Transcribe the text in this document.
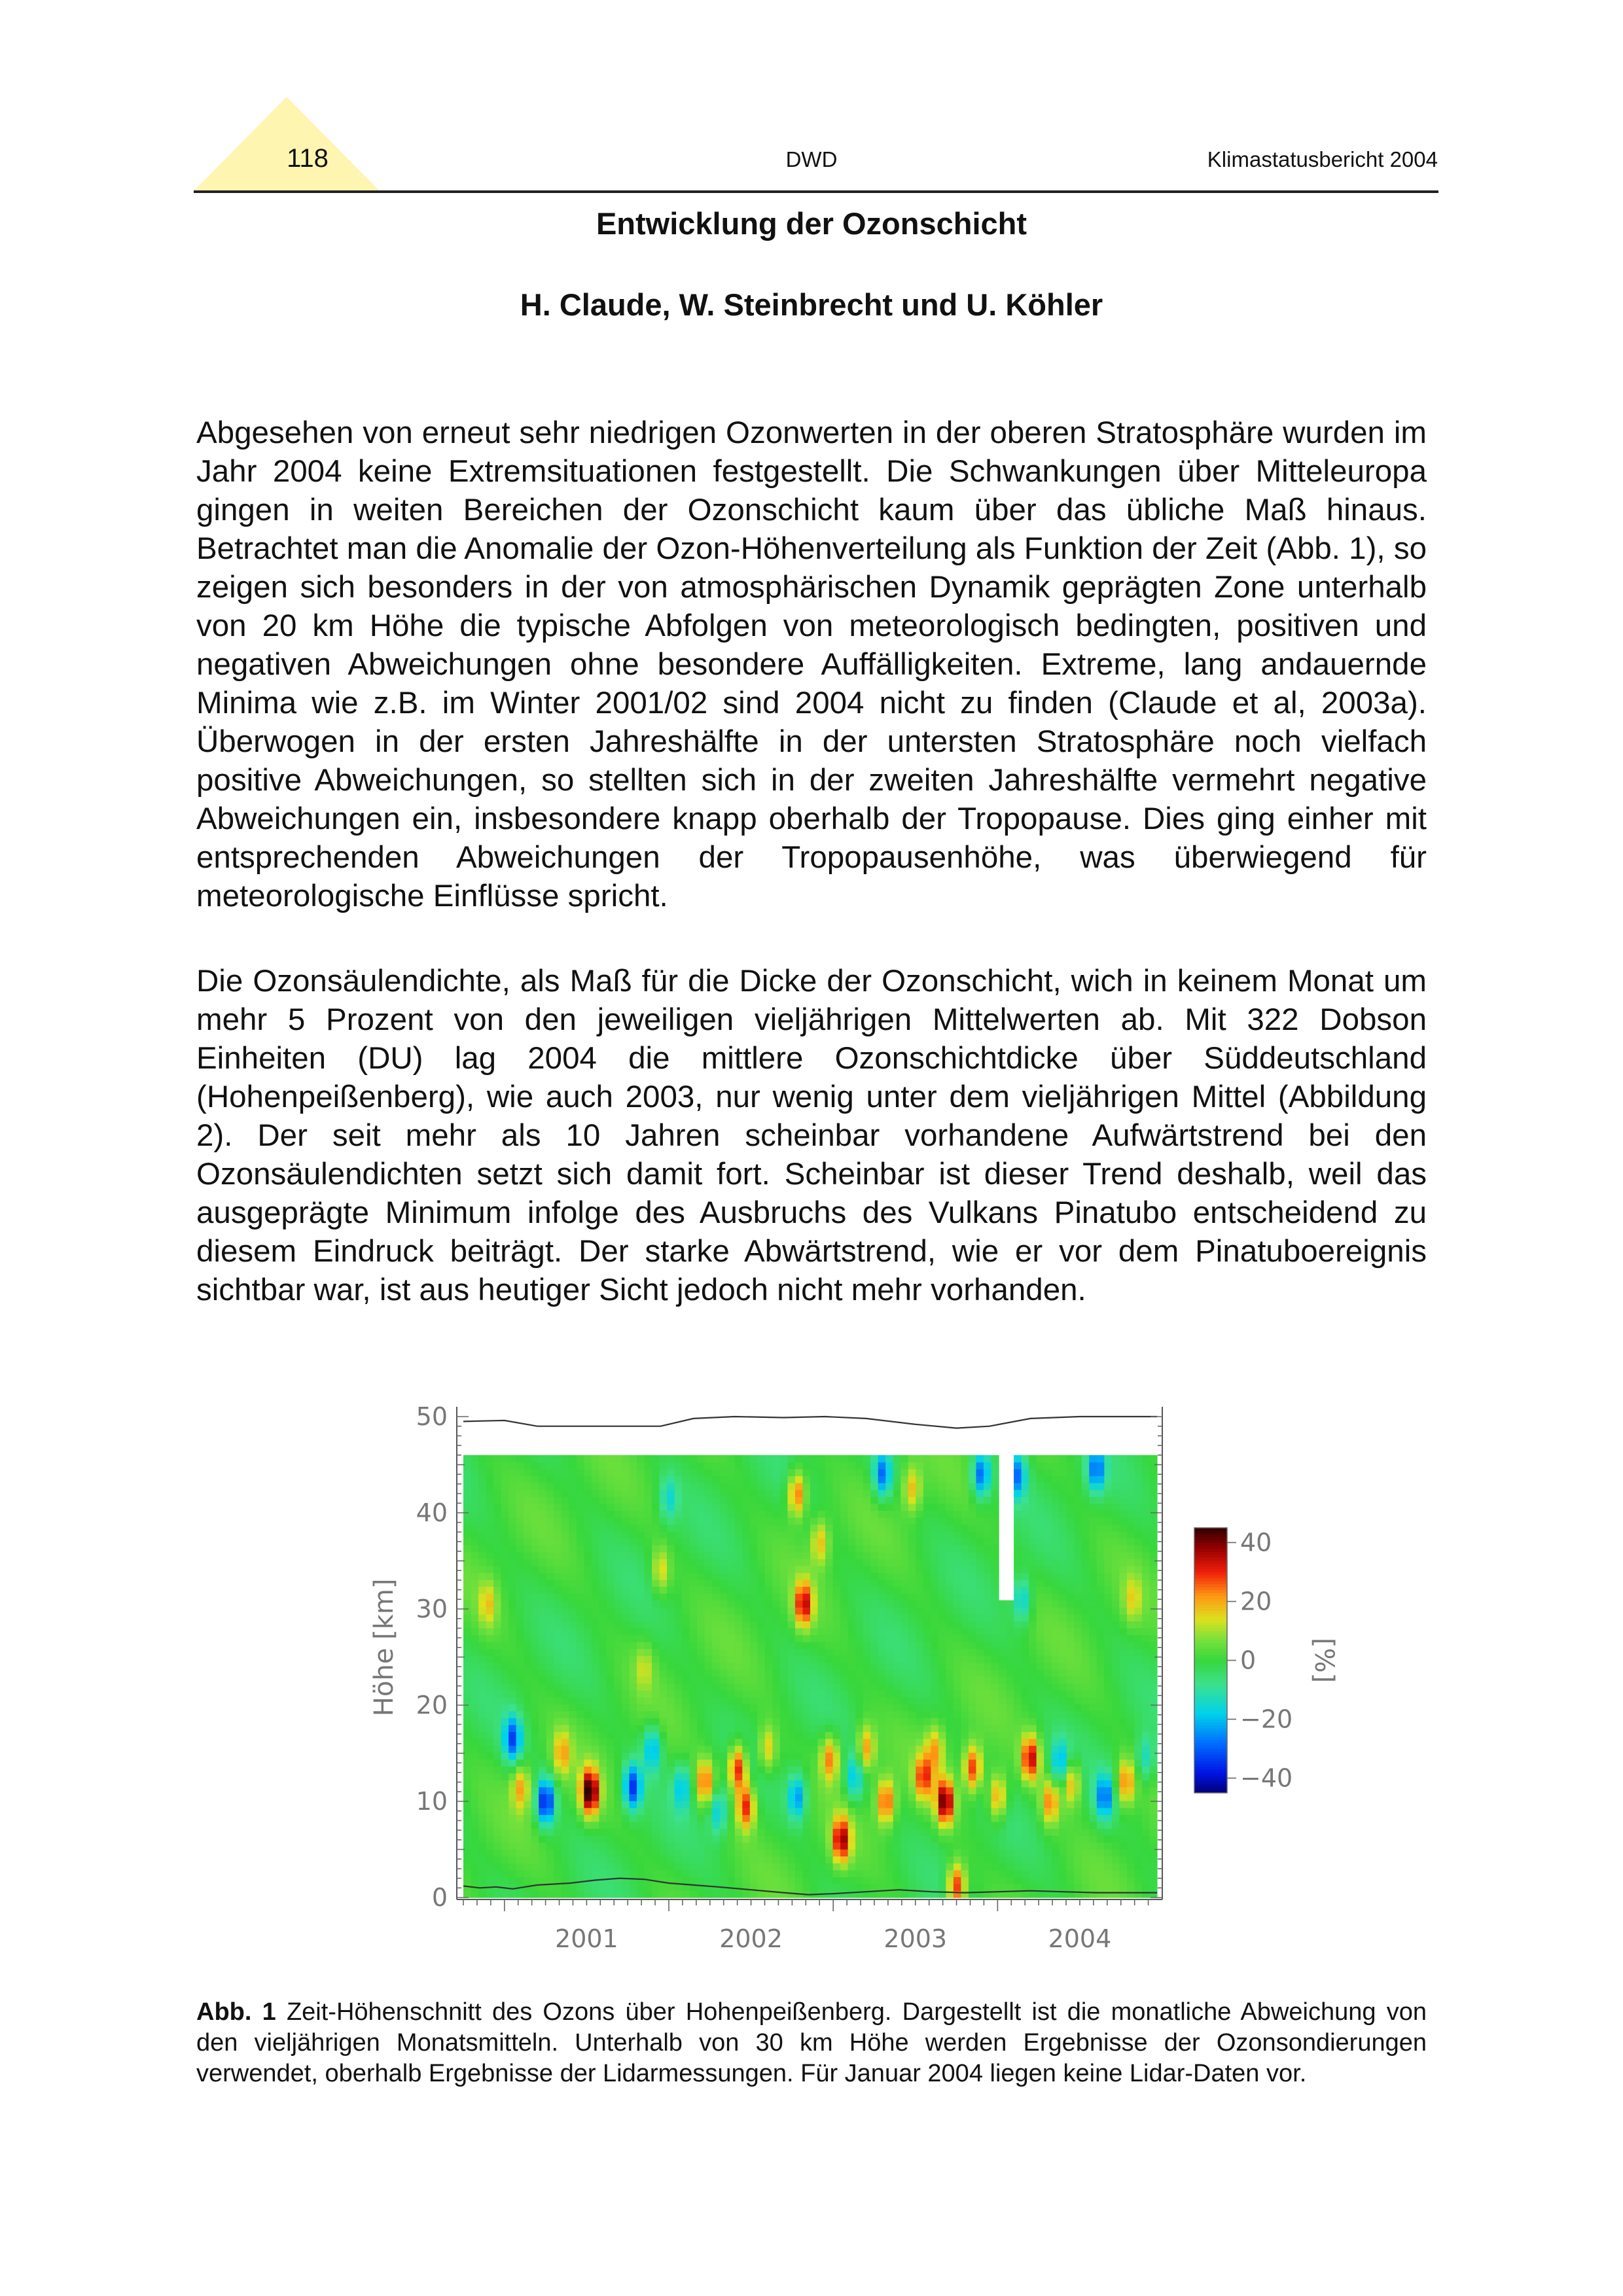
118	DWD	Klimastatusbericht 2004
Entwicklung der Ozonschicht
H. Claude, W. Steinbrecht und U. Köhler

Abgesehen von erneut sehr niedrigen Ozonwerten in der oberen Stratosphäre wurden im Jahr 2004 keine Extremsituationen festgestellt. Die Schwankungen über Mitteleuropa gingen in weiten Bereichen der Ozonschicht kaum über das übliche Maß hinaus. Betrachtet man die Anomalie der Ozon-Höhenverteilung als Funktion der Zeit (Abb. 1), so zeigen sich besonders in der von atmosphärischen Dynamik geprägten Zone unterhalb von 20 km Höhe die typische Abfolgen von meteorologisch bedingten, positiven und negativen Abweichungen ohne besondere Auffälligkeiten. Extreme, lang andauernde Minima wie z.B. im Winter 2001/02 sind 2004 nicht zu finden (Claude et al, 2003a). Überwogen in der ersten Jahreshälfte in der untersten Stratosphäre noch vielfach positive Abweichungen, so stellten sich in der zweiten Jahreshälfte vermehrt negative Abweichungen ein, insbesondere knapp oberhalb der Tropopause. Dies ging einher mit entsprechenden Abweichungen der Tropopausenhöhe, was überwiegend für meteorologische Einflüsse spricht.

Die Ozonsäulendichte, als Maß für die Dicke der Ozonschicht, wich in keinem Monat um mehr 5 Prozent von den jeweiligen vieljährigen Mittelwerten ab. Mit 322 Dobson Einheiten (DU) lag 2004 die mittlere Ozonschichtdicke über Süddeutschland (Hohenpeißenberg), wie auch 2003, nur wenig unter dem vieljährigen Mittel (Abbildung 2). Der seit mehr als 10 Jahren scheinbar vorhandene Aufwärtstrend bei den Ozonsäulendichten setzt sich damit fort. Scheinbar ist dieser Trend deshalb, weil das ausgeprägte Minimum infolge des Ausbruchs des Vulkans Pinatubo entscheidend zu diesem Eindruck beiträgt. Der starke Abwärtstrend, wie er vor dem Pinatuboereignis sichtbar war, ist aus heutiger Sicht jedoch nicht mehr vorhanden.

0
10
20
30
40
50
2001	2002	2003	2004
Höhe [km]
40
20
0
−20
−40
[%]

Abb. 1 Zeit-Höhenschnitt des Ozons über Hohenpeißenberg. Dargestellt ist die monatliche Abweichung von den vieljährigen Monatsmitteln. Unterhalb von 30 km Höhe werden Ergebnisse der Ozonsondierungen verwendet, oberhalb Ergebnisse der Lidarmessungen. Für Januar 2004 liegen keine Lidar-Daten vor.
